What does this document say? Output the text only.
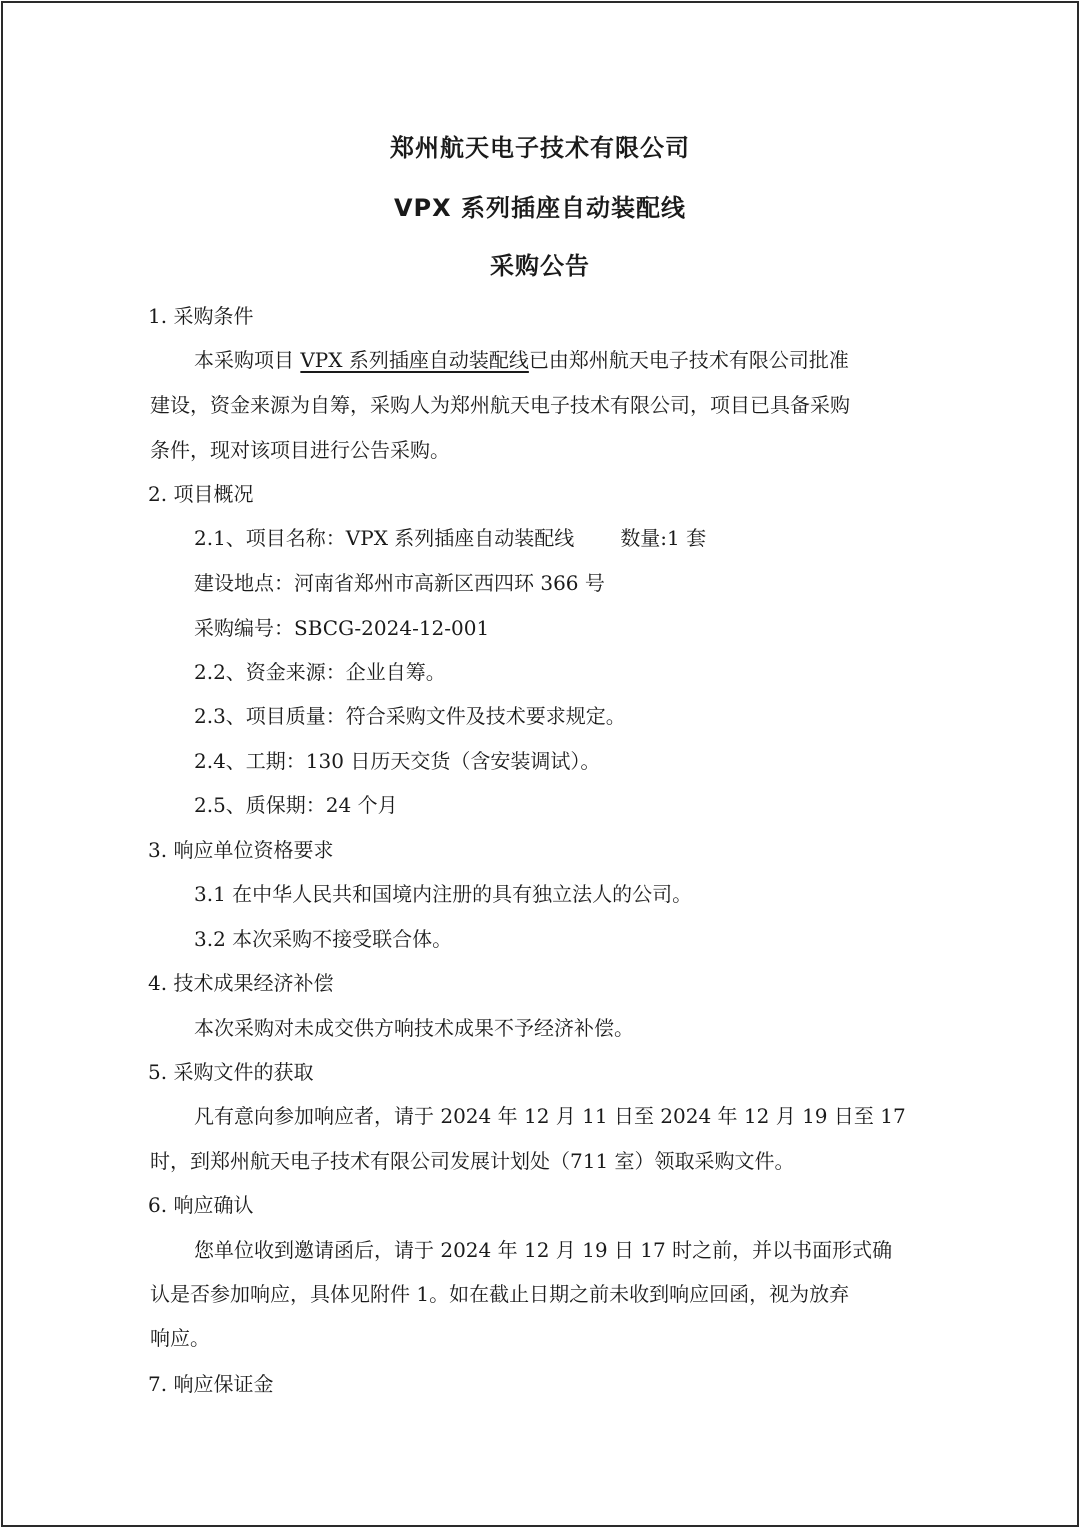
郑州航天电子技术有限公司
VPX 系列插座自动装配线
采购公告
1. 采购条件
本采购项目 VPX 系列插座自动装配线已由郑州航天电子技术有限公司批准
建设，资金来源为自筹，采购人为郑州航天电子技术有限公司，项目已具备采购
条件，现对该项目进行公告采购。
2. 项目概况
2.1、项目名称：VPX 系列插座自动装配线 数量:1 套
建设地点：河南省郑州市高新区西四环 366 号
采购编号：SBCG-2024-12-001
2.2、资金来源：企业自筹。
2.3、项目质量：符合采购文件及技术要求规定。
2.4、工期：130 日历天交货（含安装调试）。
2.5、质保期：24 个月
3. 响应单位资格要求
3.1 在中华人民共和国境内注册的具有独立法人的公司。
3.2 本次采购不接受联合体。
4. 技术成果经济补偿
本次采购对未成交供方响技术成果不予经济补偿。
5. 采购文件的获取
凡有意向参加响应者，请于 2024 年 12 月 11 日至 2024 年 12 月 19 日至 17
时，到郑州航天电子技术有限公司发展计划处（711 室）领取采购文件。
6. 响应确认
您单位收到邀请函后，请于 2024 年 12 月 19 日 17 时之前，并以书面形式确
认是否参加响应，具体见附件 1。如在截止日期之前未收到响应回函，视为放弃
响应。
7. 响应保证金
